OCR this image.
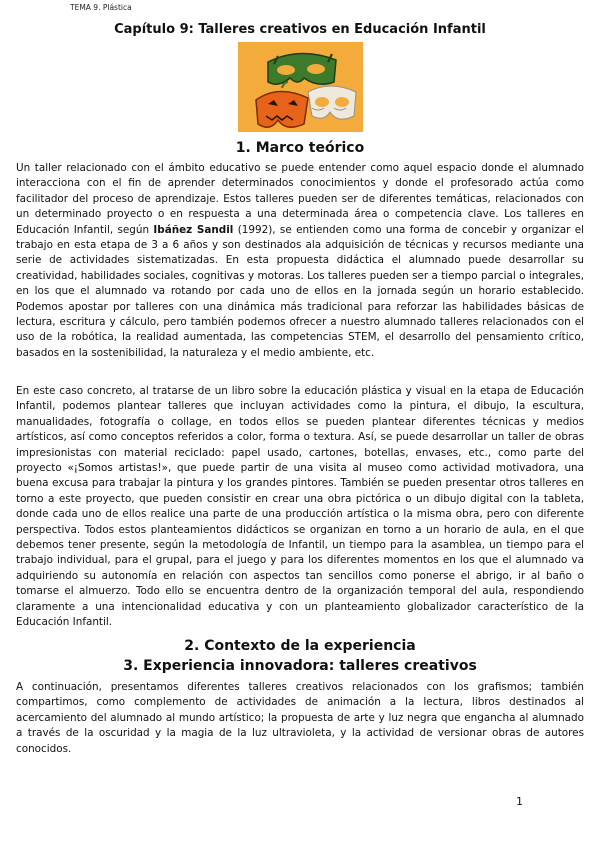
TEMA 9. Plástica
Capítulo 9: Talleres creativos en Educación Infantil
1. Marco teórico

Un taller relacionado con el ámbito educativo se puede entender como aquel espacio donde el alumnado interacciona con el fin de aprender determinados conocimientos y donde el profesorado actúa como facilitador del proceso de aprendizaje. Estos talleres pueden ser de diferentes temáticas, relacionados con un determinado proyecto o en respuesta a una determinada área o competencia clave. Los talleres en Educación Infantil, según Ibáñez Sandil (1992), se entienden como una forma de concebir y organizar el trabajo en esta etapa de 3 a 6 años y son destinados ala adquisición de técnicas y recursos mediante una serie de actividades sistematizadas. En esta propuesta didáctica el alumnado puede desarrollar su creatividad, habilidades sociales, cognitivas y motoras. Los talleres pueden ser a tiempo parcial o integrales, en los que el alumnado va rotando por cada uno de ellos en la jornada según un horario establecido. Podemos apostar por talleres con una dinámica más tradicional para reforzar las habilidades básicas de lectura, escritura y cálculo, pero también podemos ofrecer a nuestro alumnado talleres relacionados con el uso de la robótica, la realidad aumentada, las competencias STEM, el desarrollo del pensamiento crítico, basados en la sostenibilidad, la naturaleza y el medio ambiente, etc.

En este caso concreto, al tratarse de un libro sobre la educación plástica y visual en la etapa de Educación Infantil, podemos plantear talleres que incluyan actividades como la pintura, el dibujo, la escultura, manualidades, fotografía o collage, en todos ellos se pueden plantear diferentes técnicas y medios artísticos, así como conceptos referidos a color, forma o textura. Así, se puede desarrollar un taller de obras impresionistas con material reciclado: papel usado, cartones, botellas, envases, etc., como parte del proyecto «¡Somos artistas!», que puede partir de una visita al museo como actividad motivadora, una buena excusa para trabajar la pintura y los grandes pintores. También se pueden presentar otros talleres en torno a este proyecto, que pueden consistir en crear una obra pictórica o un dibujo digital con la tableta, donde cada uno de ellos realice una parte de una producción artística o la misma obra, pero con diferente perspectiva. Todos estos planteamientos didácticos se organizan en torno a un horario de aula, en el que debemos tener presente, según la metodología de Infantil, un tiempo para la asamblea, un tiempo para el trabajo individual, para el grupal, para el juego y para los diferentes momentos en los que el alumnado va adquiriendo su autonomía en relación con aspectos tan sencillos como ponerse el abrigo, ir al baño o tomarse el almuerzo. Todo ello se encuentra dentro de la organización temporal del aula, respondiendo claramente a una intencionalidad educativa y con un planteamiento globalizador característico de la Educación Infantil.

2. Contexto de la experiencia
3. Experiencia innovadora: talleres creativos

A continuación, presentamos diferentes talleres creativos relacionados con los grafismos; también compartimos, como complemento de actividades de animación a la lectura, libros destinados al acercamiento del alumnado al mundo artístico; la propuesta de arte y luz negra que engancha al alumnado a través de la oscuridad y la magia de la luz ultravioleta, y la actividad de versionar obras de autores conocidos.

1
